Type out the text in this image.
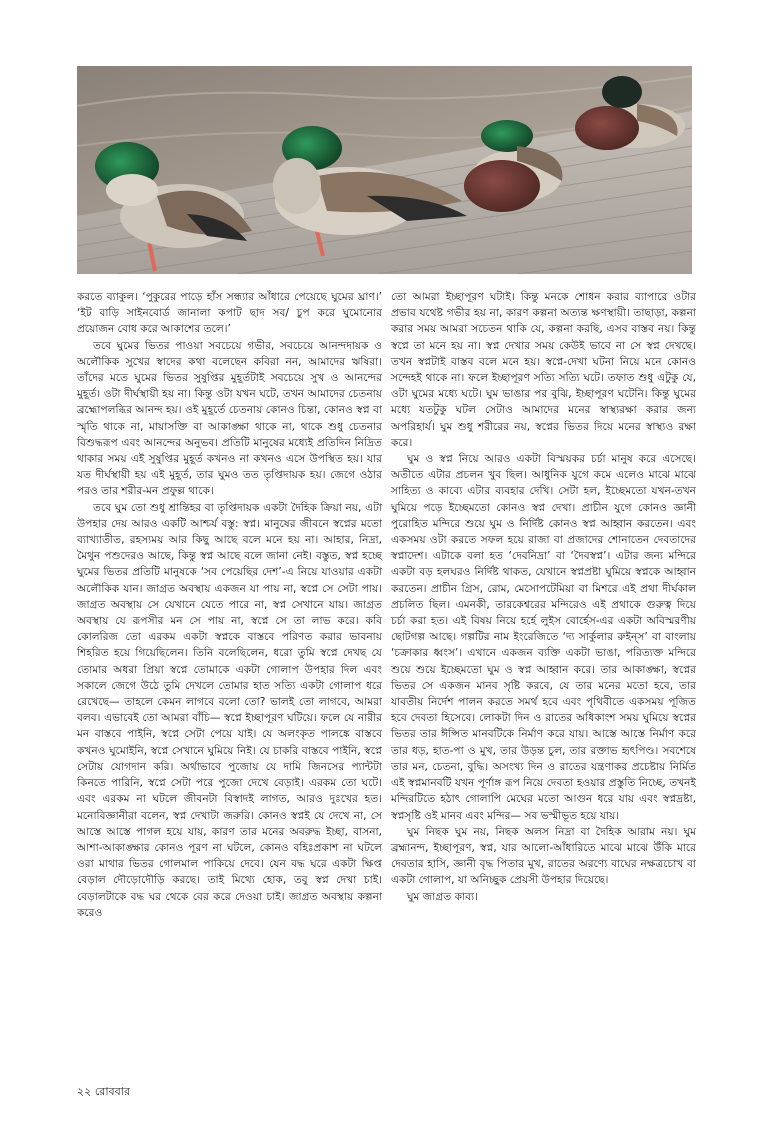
করতে ব্যাকুল। ‘পুকুরের পাড়ে হাঁস সন্ধ্যার আঁধারে পেয়েছে ঘুমের ঘ্রাণ।’ ‘ইট বাড়ি সাইনবোর্ড জানালা কপাট ছাদ সব/ চুপ করে ঘুমোনোর প্রয়োজন বোধ করে আকাশের তলে।’

তবে ঘুমের ভিতর পাওয়া সবচেয়ে গভীর, সবচেয়ে আনন্দদায়ক ও অলৌকিক সুখের স্বাদের কথা বলেছেন কবিরা নন, আমাদের ঋষিরা। তাঁদের মতে ঘুমের ভিতর সুষুপ্তির মুহূর্তটাই সবচেয়ে সুখ ও আনন্দের মুহূর্ত। ওটা দীর্ঘস্থায়ী হয় না। কিন্তু ওটা যখন ঘটে, তখন আমাদের চেতনায় ব্রহ্মোপলব্ধির আনন্দ হয়। ওই মুহূর্তে চেতনায় কোনও চিন্তা, কোনও স্বপ্ন বা স্মৃতি থাকে না, মায়াসক্তি বা আকাঙ্ক্ষা থাকে না, থাকে শুধু চেতনার বিশুদ্ধরূপ এবং আনন্দের অনুভব। প্রতিটি মানুষের মধ্যেই প্রতিদিন নিদ্রিত থাকার সময় এই সুষুপ্তির মুহূর্ত কখনও না কখনও এসে উপস্থিত হয়। যার যত দীর্ঘস্থায়ী হয় এই মুহূর্ত, তার ঘুমও তত তৃপ্তিদায়ক হয়। জেগে ওঠার পরও তার শরীর-মন প্রফুল্ল থাকে।

তবে ঘুম তো শুধু শ্রান্তিহর বা তৃপ্তিদায়ক একটা দৈহিক ক্রিয়া নয়, এটা উপহার দেয় আরও একটি আশ্চর্য বস্তু: স্বপ্ন। মানুষের জীবনে স্বপ্নের মতো ব্যাখ্যাতীত, রহস্যময় আর কিছু আছে বলে মনে হয় না। আহার, নিদ্রা, মৈথুন পশুদেরও আছে, কিন্তু স্বপ্ন আছে বলে জানা নেই। বস্তুত, স্বপ্ন হচ্ছে ঘুমের ভিতর প্রতিটি মানুষকে ‘সব পেয়েছির দেশ’-এ নিয়ে যাওয়ার একটা অলৌকিক যান। জাগ্রত অবস্থায় একজন যা পায় না, স্বপ্নে সে সেটা পায়। জাগ্রত অবস্থায় সে যেখানে যেতে পারে না, স্বপ্ন সেখানে যায়। জাগ্রত অবস্থায় যে রূপসীর মন সে পায় না, স্বপ্নে সে তা লাভ করে। কবি কোলরিজ তো এরকম একটা স্বপ্নকে বাস্তবে পরিণত করার ভাবনায় শিহরিত হয়ে গিয়েছিলেন। তিনি বলেছিলেন, ধরো তুমি স্বপ্নে দেখছ যে তোমার অধরা প্রিয়া স্বপ্নে তোমাকে একটা গোলাপ উপহার দিল এবং সকালে জেগে উঠে তুমি দেখলে তোমার হাত সত্যি একটা গোলাপ ধরে রেখেছে— তাহলে কেমন লাগবে বলো তো? ভালই তো লাগবে, আমরা বলব। এভাবেই তো আমরা বাঁচি— স্বপ্নে ইচ্ছাপূরণ ঘটিয়ে। ফলে যে নারীর মন বাস্তবে পাইনি, স্বপ্নে সেটা পেয়ে যাই। যে অলংকৃত পালঙ্কে বাস্তবে কখনও ঘুমোইনি, স্বপ্নে সেখানে ঘুমিয়ে নিই। যে চাকরি বাস্তবে পাইনি, স্বপ্নে সেটায় যোগদান করি। অর্থাভাবে পুজোয় যে দামি জিনসের প্যান্টটা কিনতে পারিনি, স্বপ্নে সেটা পরে পুজো দেখে বেড়াই। এরকম তো ঘটে। এবং এরকম না ঘটলে জীবনটা বিস্বাদই লাগত, আরও দুঃখের হত। মনোবিজ্ঞানীরা বলেন, স্বপ্ন দেখাটা জরুরি। কোনও স্বপ্নই যে দেখে না, সে আস্তে আস্তে পাগল হয়ে যায়, কারণ তার মনের অবরুদ্ধ ইচ্ছা, বাসনা, আশা-আকাঙ্ক্ষার কোনও পূরণ না ঘটলে, কোনও বহিঃপ্রকাশ না ঘটলে ওরা মাথার ভিতর গোলমাল পাকিয়ে দেবে। যেন বদ্ধ ঘরে একটা ক্ষিপ্ত বেড়াল দৌড়োদৌড়ি করছে। তাই মিথ্যে হোক, তবু স্বপ্ন দেখা চাই। বেড়ালটাকে বদ্ধ ঘর থেকে বের করে দেওয়া চাই। জাগ্রত অবস্থায় কল্পনা করেও

তো আমরা ইচ্ছাপূরণ ঘটাই। কিন্তু মনকে শোধন করার ব্যাপারে ওটার প্রভাব যথেষ্ট গভীর হয় না, কারণ কল্পনা অত্যন্ত ক্ষণস্থায়ী। তাছাড়া, কল্পনা করার সময় আমরা সচেতন থাকি যে, কল্পনা করছি, এসব বাস্তব নয়। কিন্তু স্বপ্নে তা মনে হয় না। স্বপ্ন দেখার সময় কেউই ভাবে না সে স্বপ্ন দেখছে। তখন স্বপ্নটাই বাস্তব বলে মনে হয়। স্বপ্নে-দেখা ঘটনা নিয়ে মনে কোনও সন্দেহই থাকে না। ফলে ইচ্ছাপূরণ সত্যি সত্যি ঘটে। তফাত শুধু এটুকু যে, ওটা ঘুমের মধ্যে ঘটে। ঘুম ভাঙার পর বুঝি, ইচ্ছাপূরণ ঘটেনি। কিন্তু ঘুমের মধ্যে যতটুকু ঘটল সেটাও আমাদের মনের স্বাস্থ্যরক্ষা করার জন্য অপরিহার্য। ঘুম শুধু শরীরের নয়, স্বপ্নের ভিতর দিয়ে মনের স্বাস্থ্যও রক্ষা করে।

ঘুম ও স্বপ্ন নিয়ে আরও একটা বিস্ময়কর চর্চা মানুষ করে এসেছে। অতীতে এটার প্রচলন খুব ছিল। আধুনিক যুগে কমে এলেও মাঝে মাঝে সাহিত্য ও কাব্যে এটার ব্যবহার দেখি। সেটা হল, ইচ্ছেমতো যখন-তখন ঘুমিয়ে পড়ে ইচ্ছেমতো কোনও স্বপ্ন দেখা। প্রাচীন যুগে কোনও জ্ঞানী পুরোহিত মন্দিরে শুয়ে ঘুম ও নির্দিষ্ট কোনও স্বপ্ন আহ্বান করতেন। এবং একসময় ওটা করতে সফল হয়ে রাজা বা প্রজাদের শোনাতেন দেবতাদের স্বপ্নাদেশ। এটাকে বলা হত ‘দেবনিদ্রা’ বা ‘দৈবস্বপ্ন’। এটার জন্য মন্দিরে একটা বড় হলঘরও নির্দিষ্ট থাকত, যেখানে স্বপ্নপ্রষ্টা ঘুমিয়ে স্বপ্নকে আহ্বান করতেন। প্রাচীন গ্রিস, রোম, মেসোপটেমিয়া বা মিশরে এই প্রথা দীর্ঘকাল প্রচলিত ছিল। এমনকী, তারকেশ্বরের মন্দিরেও এই প্রথাকে গুরুত্ব দিয়ে চর্চা করা হত। এই বিষয় নিয়ে হর্হে লুইস বোর্হেস-এর একটা অবিস্মরণীয় ছোটগল্প আছে। গল্পটির নাম ইংরেজিতে ‘দ্য সার্কুলার রুইন্‌স’ বা বাংলায় ‘চক্রাকার ধ্বংস’। এখানে একজন ব্যক্তি একটা ভাঙা, পরিত্যক্ত মন্দিরে শুয়ে শুয়ে ইচ্ছেমতো ঘুম ও স্বপ্ন আহ্বান করে। তার আকাঙ্ক্ষা, স্বপ্নের ভিতর সে একজন মানব সৃষ্টি করবে, যে তার মনের মতো হবে, তার যাবতীয় নির্দেশ পালন করতে সমর্থ হবে এবং পৃথিবীতে একসময় পূজিত হবে দেবতা হিসেবে। লোকটা দিন ও রাতের অধিকাংশ সময় ঘুমিয়ে স্বপ্নের ভিতর তার ঈপ্সিত মানবটিকে নির্মাণ করে যায়। আস্তে আস্তে নির্মাণ করে তার ধড়, হাত-পা ও মুখ, তার উড়ন্ত চুল, তার রক্তাভ হৃৎপিণ্ড। সবশেষে তার মন, চেতনা, বুদ্ধি। অসংখ্য দিন ও রাতের যন্ত্রণাকর প্রচেষ্টায় নির্মিত এই স্বপ্নমানবটি যখন পূর্ণাঙ্গ রূপ নিয়ে দেবতা হওয়ার প্রস্তুতি নিচ্ছে, তখনই মন্দিরটিতে হঠাৎ গোলাপি মেঘের মতো আগুন ধরে যায় এবং স্বপ্নদ্রষ্টা, স্বপ্নসৃষ্টি ওই মানব এবং মন্দির— সব ভস্মীভূত হয়ে যায়।

ঘুম নিছক ঘুম নয়, নিছক অলস নিদ্রা বা দৈহিক আরাম নয়। ঘুম ব্রহ্মানন্দ, ইচ্ছাপূরণ, স্বপ্ন, যার আলো-আঁধারিতে মাঝে মাঝে উঁকি মারে দেবতার হাসি, জ্ঞানী বৃদ্ধ পিতার মুখ, রাতের অরণ্যে বাঘের নক্ষত্রচোখ বা একটা গোলাপ, যা অনিচ্ছুক প্রেয়সী উপহার দিয়েছে।

ঘুম জাগ্রত কাব্য।

২২ রোববার
